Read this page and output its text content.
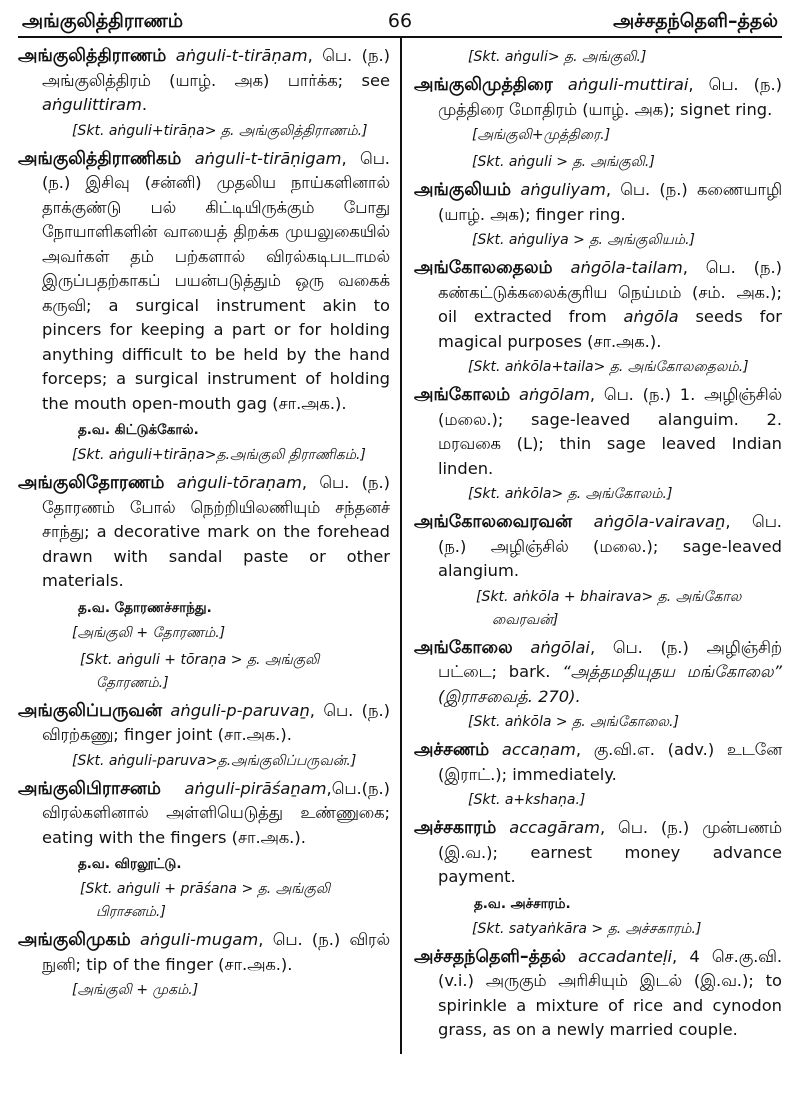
அங்குலித்திராணம்	66	அச்சதந்தெளி–த்தல்
அங்குலித்திராணம் aṅguli-t-tirāṇam, பெ. (ந.) அங்குலித்திரம் (யாழ். அக) பார்க்க; see aṅgulittiram.
[Skt. aṅguli+tirāṇa> த. அங்குலித்திராணம்.]
அங்குலித்திராணிகம் aṅguli-t-tirāṇigam, பெ.(ந.) இசிவு (சன்னி) முதலிய நாய்களினால் தாக்குண்டு பல் கிட்டியிருக்கும் போது நோயாளிகளின் வாயைத் திறக்க முயலுகையில் அவர்கள் தம் பற்களால் விரல்கடிபடாமல் இருப்பதற்காகப் பயன்படுத்தும் ஒரு வகைக் கருவி; a surgical instrument akin to pincers for keeping a part or for holding anything difficult to be held by the hand forceps; a surgical instrument of holding the mouth open-mouth gag (சா.அக.).
த.வ. கிட்டுக்கோல்.
[Skt. aṅguli+tirāṇa>த.அங்குலி திராணிகம்.]
அங்குலிதோரணம் aṅguli-tōraṇam, பெ. (ந.) தோரணம் போல் நெற்றியிலணியும் சந்தனச் சாந்து; a decorative mark on the forehead drawn with sandal paste or other materials.
த.வ. தோரணச்சாந்து.
[அங்குலி + தோரணம்.]
[Skt. aṅguli + tōraṇa > த. அங்குலி தோரணம்.]
அங்குலிப்பருவன் aṅguli-p-paruvaṉ, பெ. (ந.) விரற்கணு; finger joint (சா.அக.).
[Skt. aṅguli-paruva>த.அங்குலிப்பருவன்.]
அங்குலிபிராசனம் aṅguli-pirāśaṉam,பெ.(ந.) விரல்களினால் அள்ளியெடுத்து உண்ணுகை; eating with the fingers (சா.அக.).
த.வ. விரலூட்டு.
[Skt. aṅguli + prāśana > த. அங்குலி பிராசனம்.]
அங்குலிமுகம் aṅguli-mugam, பெ. (ந.) விரல் நுனி; tip of the finger (சா.அக.).
[அங்குலி + முகம்.]
[Skt. aṅguli> த. அங்குலி.]
அங்குலிமுத்திரை aṅguli-muttirai, பெ. (ந.) முத்திரை மோதிரம் (யாழ். அக); signet ring.
[அங்குலி+முத்திரை.]
[Skt. aṅguli > த. அங்குலி.]
அங்குலியம் aṅguliyam, பெ. (ந.) கணையாழி (யாழ். அக); finger ring.
[Skt. aṅguliya > த. அங்குலியம்.]
அங்கோலதைலம் aṅgōla-tailam, பெ. (ந.) கண்கட்டுக்கலைக்குரிய நெய்மம் (சம். அக.); oil extracted from aṅgōla seeds for magical purposes (சா.அக.).
[Skt. aṅkōla+taila> த. அங்கோலதைலம்.]
அங்கோலம் aṅgōlam, பெ. (ந.) 1. அழிஞ்சில் (மலை.); sage-leaved alanguim. 2. மரவகை (L); thin sage leaved Indian linden.
[Skt. aṅkōla> த. அங்கோலம்.]
அங்கோலவைரவன் aṅgōla-vairavaṉ, பெ. (ந.) அழிஞ்சில் (மலை.); sage-leaved alangium.
[Skt. aṅkōla + bhairava> த. அங்கோல வைரவன்]
அங்கோலை aṅgōlai, பெ. (ந.) அழிஞ்சிற் பட்டை; bark. “அத்தமதியுதய மங்கோலை” (இராசவைத். 270).
[Skt. aṅkōla > த. அங்கோலை.]
அச்சணம் accaṇam, கு.வி.எ. (adv.) உடனே (இராட்.); immediately.
[Skt. a+kshaṇa.]
அச்சகாரம் accagāram, பெ. (ந.) முன்பணம் (இ.வ.); earnest money advance payment.
த.வ. அச்சாரம்.
[Skt. satyaṅkāra > த. அச்சகாரம்.]
அச்சதந்தெளி–த்தல் accadanteḷi, 4 செ.கு.வி. (v.i.) அருகும் அரிசியும் இடல் (இ.வ.); to spirinkle a mixture of rice and cynodon grass, as on a newly married couple.
